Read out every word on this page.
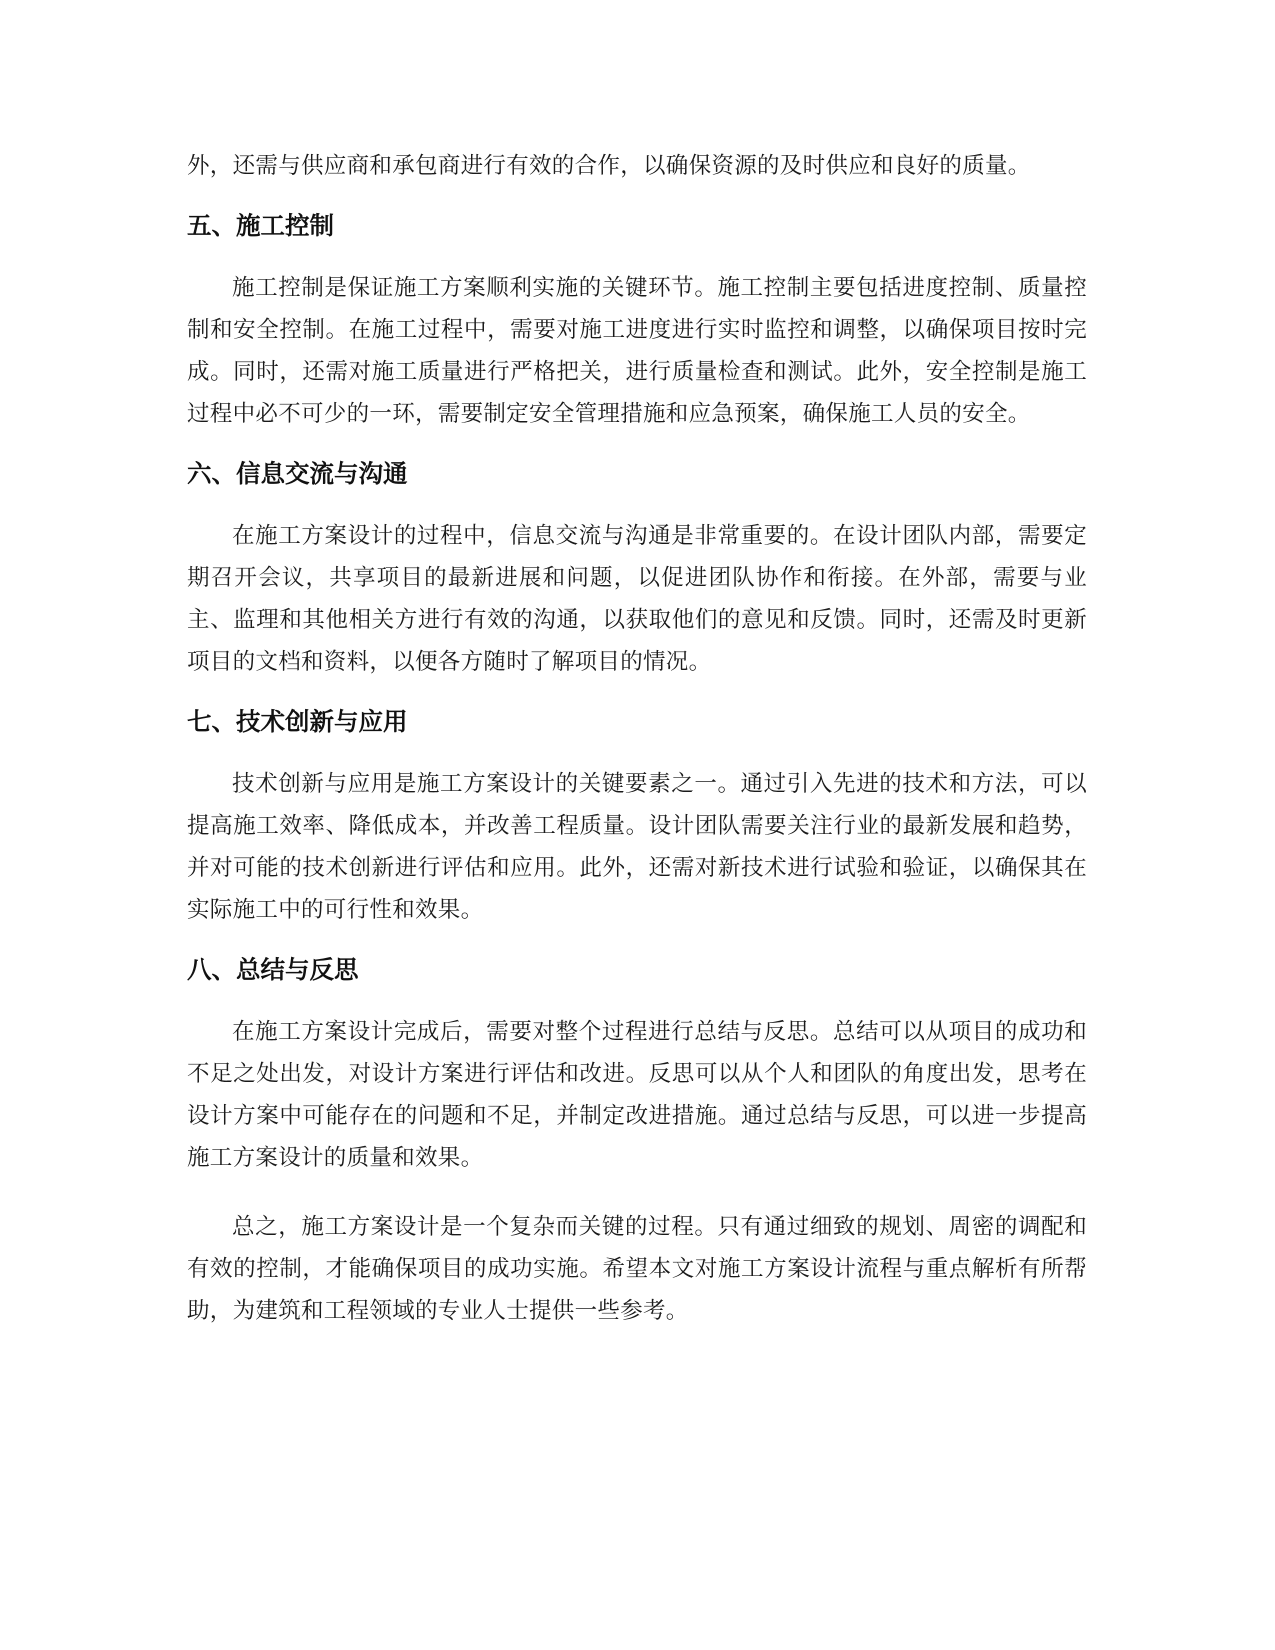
外，还需与供应商和承包商进行有效的合作，以确保资源的及时供应和良好的质量。

五、施工控制

施工控制是保证施工方案顺利实施的关键环节。施工控制主要包括进度控制、质量控制和安全控制。在施工过程中，需要对施工进度进行实时监控和调整，以确保项目按时完成。同时，还需对施工质量进行严格把关，进行质量检查和测试。此外，安全控制是施工过程中必不可少的一环，需要制定安全管理措施和应急预案，确保施工人员的安全。

六、信息交流与沟通

在施工方案设计的过程中，信息交流与沟通是非常重要的。在设计团队内部，需要定期召开会议，共享项目的最新进展和问题，以促进团队协作和衔接。在外部，需要与业主、监理和其他相关方进行有效的沟通，以获取他们的意见和反馈。同时，还需及时更新项目的文档和资料，以便各方随时了解项目的情况。

七、技术创新与应用

技术创新与应用是施工方案设计的关键要素之一。通过引入先进的技术和方法，可以提高施工效率、降低成本，并改善工程质量。设计团队需要关注行业的最新发展和趋势，并对可能的技术创新进行评估和应用。此外，还需对新技术进行试验和验证，以确保其在实际施工中的可行性和效果。

八、总结与反思

在施工方案设计完成后，需要对整个过程进行总结与反思。总结可以从项目的成功和不足之处出发，对设计方案进行评估和改进。反思可以从个人和团队的角度出发，思考在设计方案中可能存在的问题和不足，并制定改进措施。通过总结与反思，可以进一步提高施工方案设计的质量和效果。

总之，施工方案设计是一个复杂而关键的过程。只有通过细致的规划、周密的调配和有效的控制，才能确保项目的成功实施。希望本文对施工方案设计流程与重点解析有所帮助，为建筑和工程领域的专业人士提供一些参考。
